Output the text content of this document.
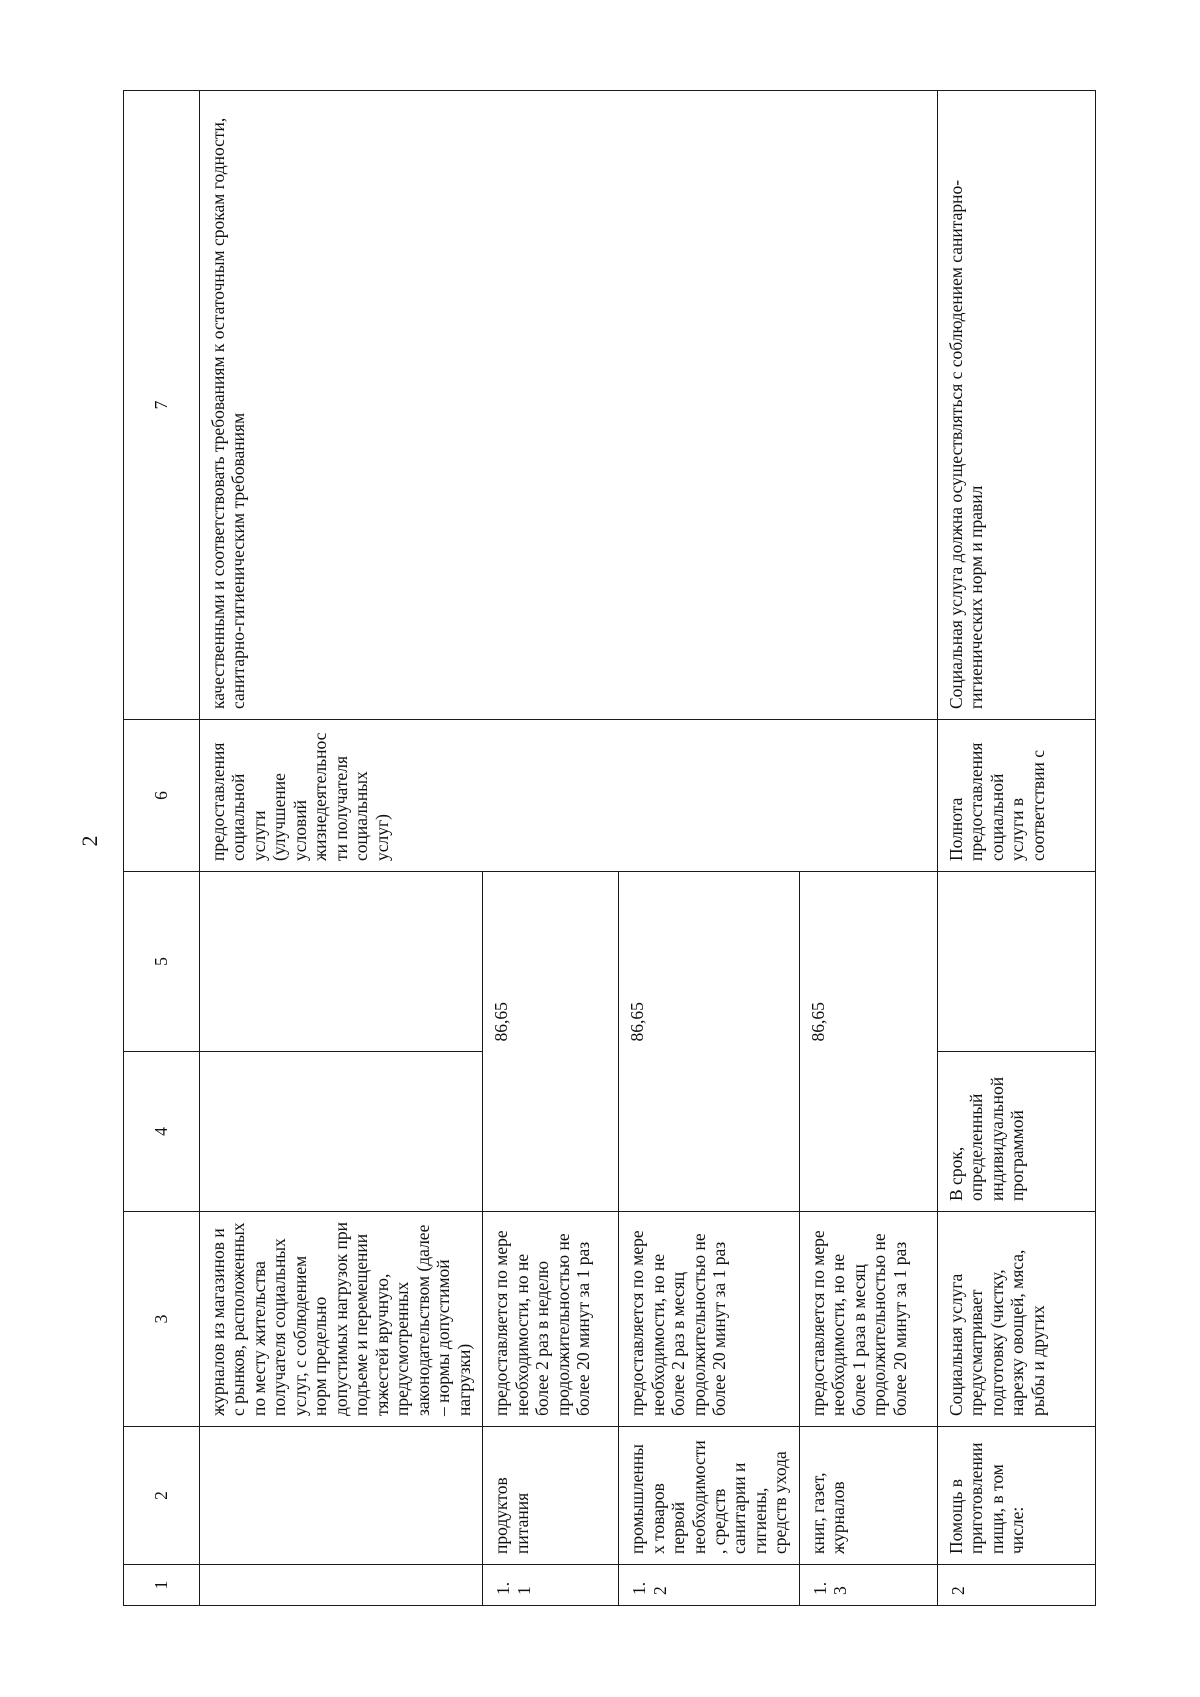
2
1	2	3	4	5	6	7
		журналов из магазинов и с рынков, расположенных по месту жительства получателя социальных услуг, с соблюдением норм предельно допустимых нагрузок при подъеме и перемещении тяжестей вручную, предусмотренных законодательством (далее – нормы допустимой нагрузки)			предоставления социальной услуги (улучшение условий жизнедеятельности получателя социальных услуг)	качественными и соответствовать требованиям к остаточным срокам годности, санитарно-гигиеническим требованиям
1.1	продуктов питания	предоставляется по мере необходимости, но не более 2 раз в неделю продолжительностью не более 20 минут за 1 раз		86,65		
1.2	промышленных товаров первой необходимости, средств санитарии и гигиены, средств ухода	предоставляется по мере необходимости, но не более 2 раз в месяц продолжительностью не более 20 минут за 1 раз		86,65		
1.3	книг, газет, журналов	предоставляется по мере необходимости, но не более 1 раза в месяц продолжительностью не более 20 минут за 1 раз		86,65		
2	Помощь в приготовлении пищи, в том числе:	Социальная услуга предусматривает подготовку (чистку, нарезку овощей, мяса, рыбы и других	В срок, определенный индивидуальной программой		Полнота предоставления социальной услуги в соответствии с	Социальная услуга должна осуществляться с соблюдением санитарно-гигиенических норм и правил
